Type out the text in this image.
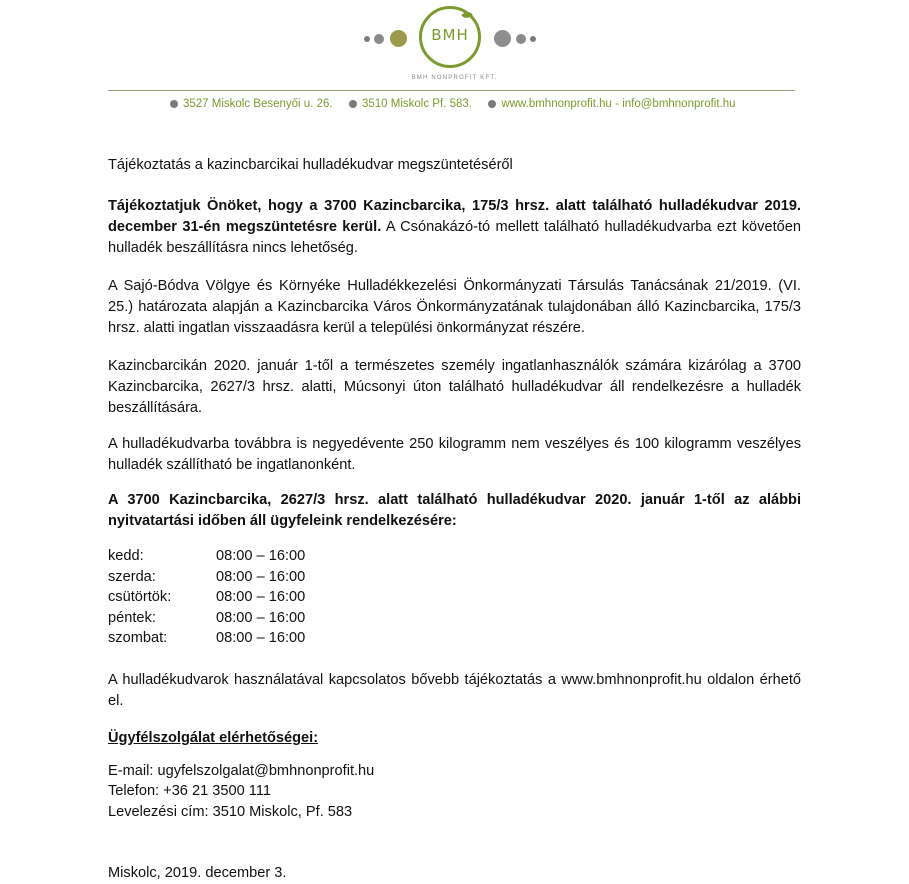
BMH
BMH NONPROFIT KFT.
3527 Miskolc Besenyői u. 26.	3510 Miskolc Pf. 583.	www.bmhnonprofit.hu - info@bmhnonprofit.hu

Tájékoztatás a kazincbarcikai hulladékudvar megszüntetéséről

Tájékoztatjuk Önöket, hogy a 3700 Kazincbarcika, 175/3 hrsz. alatt található hulladékudvar 2019. december 31-én megszüntetésre kerül. A Csónakázó-tó mellett található hulladékudvarba ezt követően hulladék beszállításra nincs lehetőség.

A Sajó-Bódva Völgye és Környéke Hulladékkezelési Önkormányzati Társulás Tanácsának 21/2019. (VI. 25.) határozata alapján a Kazincbarcika Város Önkormányzatának tulajdonában álló Kazincbarcika, 175/3 hrsz. alatti ingatlan visszaadásra kerül a települési önkormányzat részére.

Kazincbarcikán 2020. január 1-től a természetes személy ingatlanhasználók számára kizárólag a 3700 Kazincbarcika, 2627/3 hrsz. alatti, Múcsonyi úton található hulladékudvar áll rendelkezésre a hulladék beszállítására.

A hulladékudvarba továbbra is negyedévente 250 kilogramm nem veszélyes és 100 kilogramm veszélyes hulladék szállítható be ingatlanonként.

A 3700 Kazincbarcika, 2627/3 hrsz. alatt található hulladékudvar 2020. január 1-től az alábbi nyitvatartási időben áll ügyfeleink rendelkezésére:

kedd:	08:00 – 16:00
szerda:	08:00 – 16:00
csütörtök:	08:00 – 16:00
péntek:	08:00 – 16:00
szombat:	08:00 – 16:00

A hulladékudvarok használatával kapcsolatos bővebb tájékoztatás a www.bmhnonprofit.hu oldalon érhető el.

Ügyfélszolgálat elérhetőségei:

E-mail: ugyfelszolgalat@bmhnonprofit.hu

Telefon: +36 21 3500 111

Levelezési cím: 3510 Miskolc, Pf. 583

Miskolc, 2019. december 3.
